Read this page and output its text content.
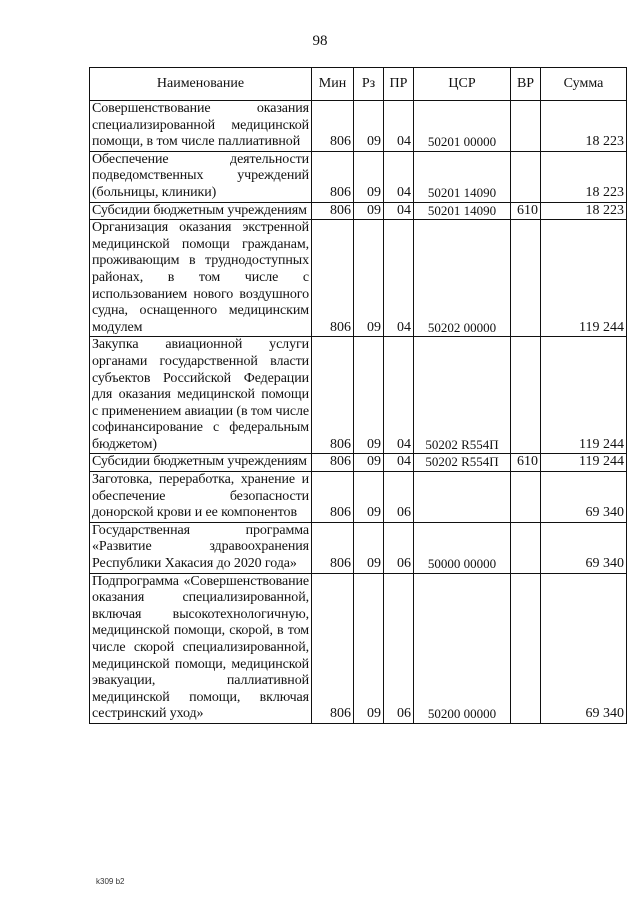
98
Наименование	Мин	Рз	ПР	ЦСР	ВР	Сумма
Совершенствование оказания специализированной медицинской помощи, в том числе паллиативной	806	09	04	50201 00000		18 223
Обеспечение деятельности подведомственных учреждений (больницы, клиники)	806	09	04	50201 14090		18 223
Субсидии бюджетным учреждениям	806	09	04	50201 14090	610	18 223
Организация оказания экстренной медицинской помощи гражданам, проживающим в труднодоступных районах, в том числе с использованием нового воздушного судна, оснащенного медицинским модулем	806	09	04	50202 00000		119 244
Закупка авиационной услуги органами государственной власти субъектов Российской Федерации для оказания медицинской помощи с применением авиации (в том числе софинансирование с федеральным бюджетом)	806	09	04	50202 R554П		119 244
Субсидии бюджетным учреждениям	806	09	04	50202 R554П	610	119 244
Заготовка, переработка, хранение и обеспечение безопасности донорской крови и ее компонентов	806	09	06			69 340
Государственная программа «Развитие здравоохранения Республики Хакасия до 2020 года»	806	09	06	50000 00000		69 340
Подпрограмма «Совершенствование оказания специализированной, включая высокотехнологичную, медицинской помощи, скорой, в том числе скорой специализированной, медицинской помощи, медицинской эвакуации, паллиативной медицинской помощи, включая сестринский уход»	806	09	06	50200 00000		69 340
k309 b2
